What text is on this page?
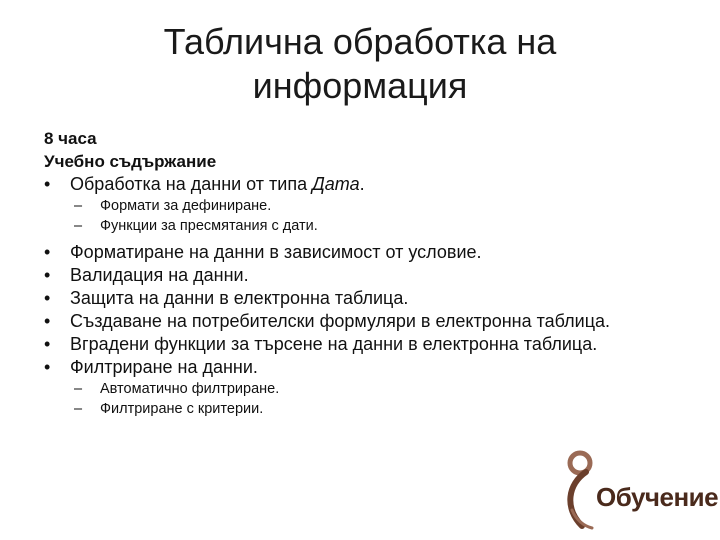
Таблична обработка на
информация
8 часа
Учебно съдържание
• Обработка на данни от типа Дата.
– Формати за дефиниране.
– Функции за пресмятания с дати.
• Форматиране на данни в зависимост от условие.
• Валидация на данни.
• Защита на данни в електронна таблица.
• Създаване на потребителски формуляри в електронна таблица.
• Вградени функции за търсене на данни в електронна таблица.
• Филтриране на данни.
– Автоматично филтриране.
– Филтриране с критерии.
Обучение
